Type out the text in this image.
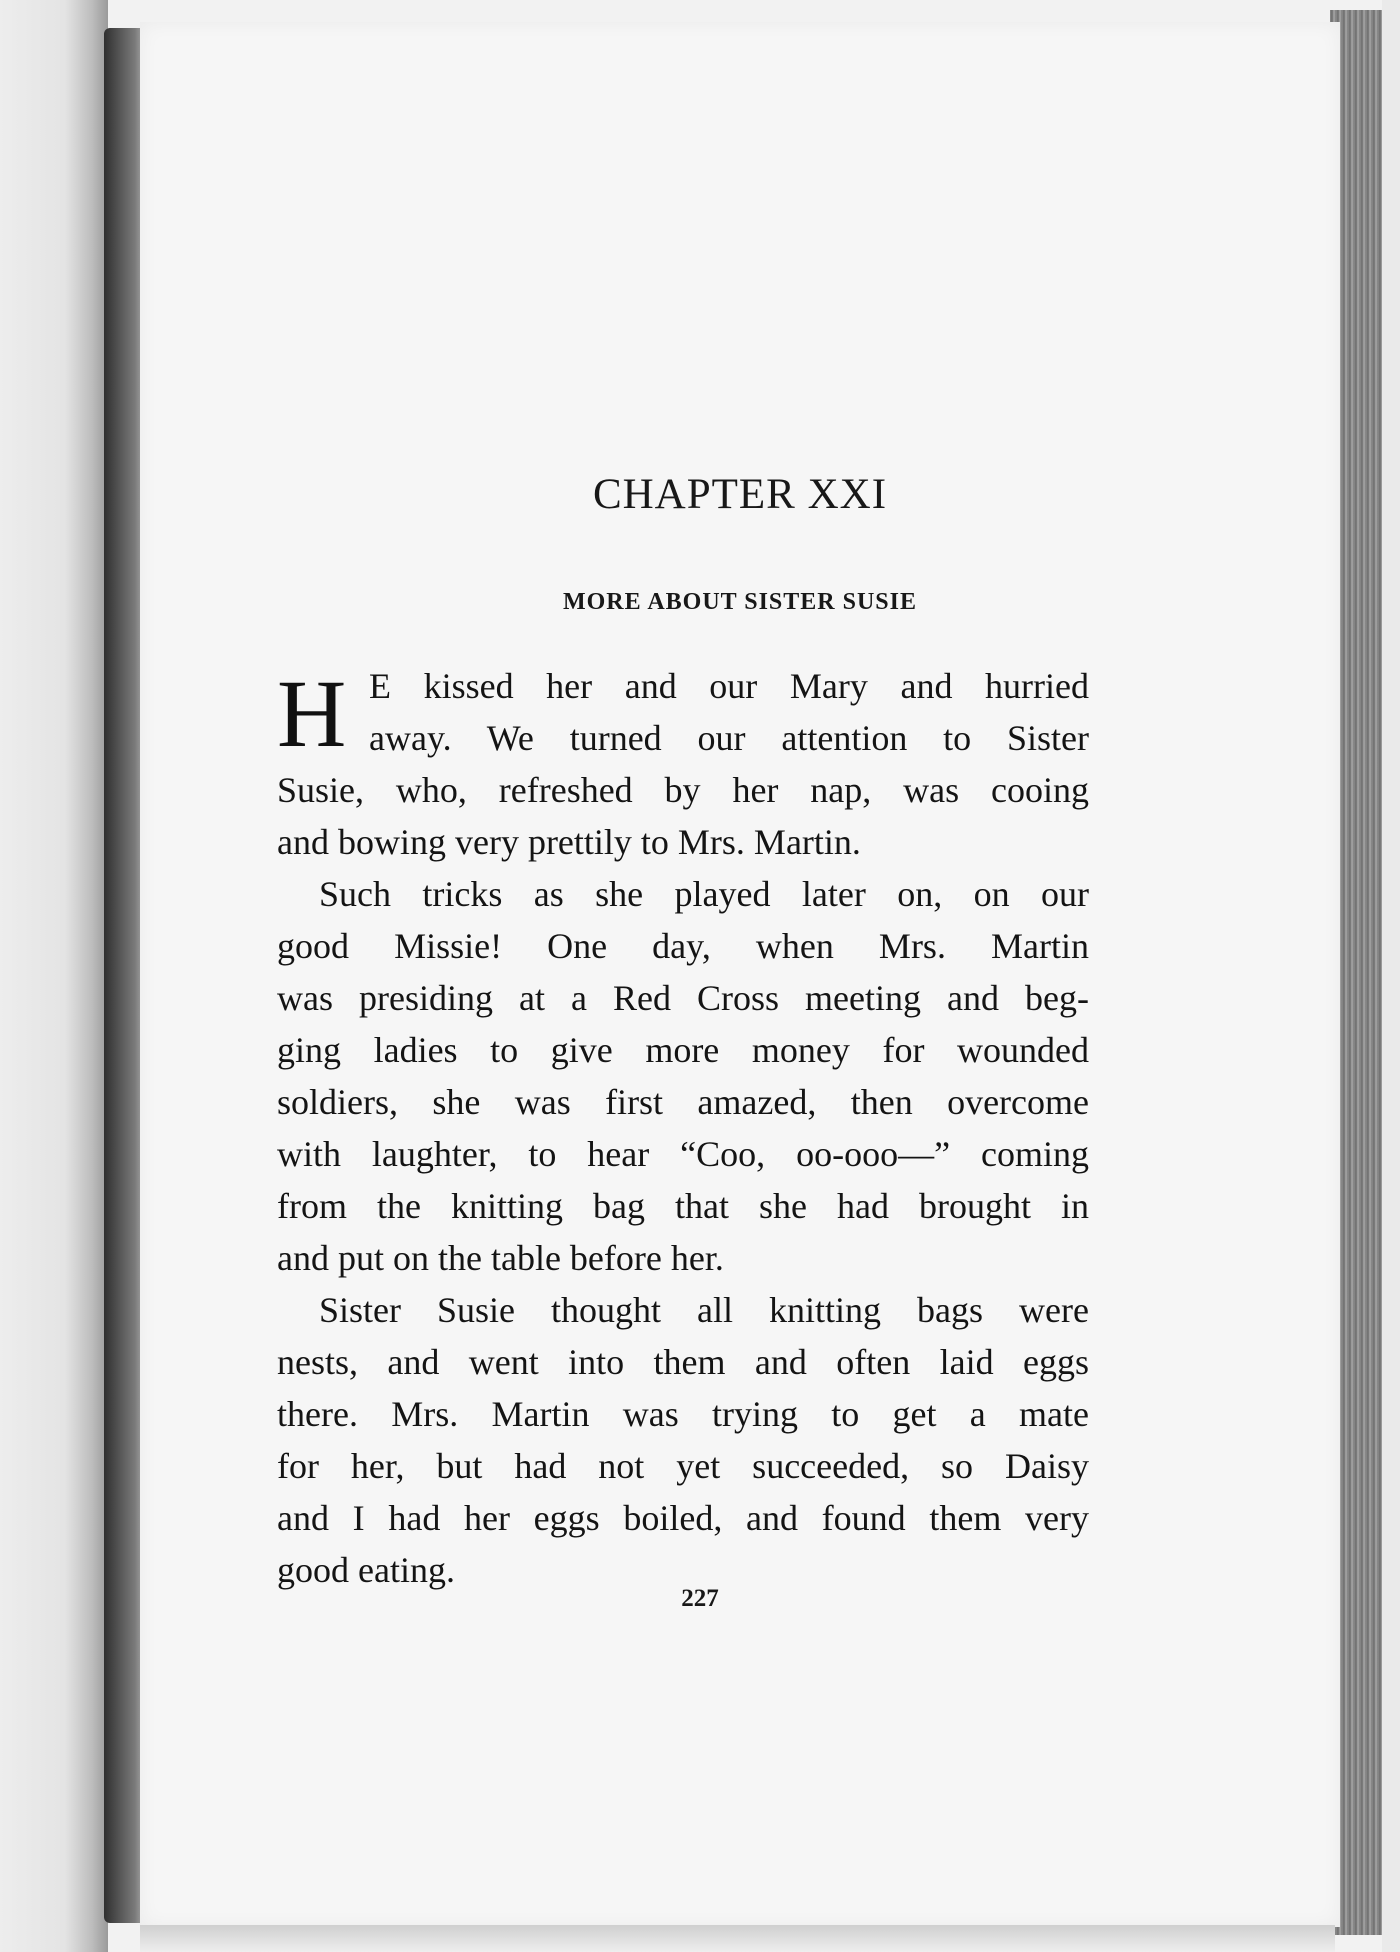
CHAPTER XXI
MORE ABOUT SISTER SUSIE
H E kissed her and our Mary and hurried
away. We turned our attention to Sister
Susie, who, refreshed by her nap, was cooing
and bowing very prettily to Mrs. Martin.
Such tricks as she played later on, on our
good Missie! One day, when Mrs. Martin
was presiding at a Red Cross meeting and beg-
ging ladies to give more money for wounded
soldiers, she was first amazed, then overcome
with laughter, to hear “Coo, oo-ooo—” coming
from the knitting bag that she had brought in
and put on the table before her.
Sister Susie thought all knitting bags were
nests, and went into them and often laid eggs
there. Mrs. Martin was trying to get a mate
for her, but had not yet succeeded, so Daisy
and I had her eggs boiled, and found them very
good eating.
227
